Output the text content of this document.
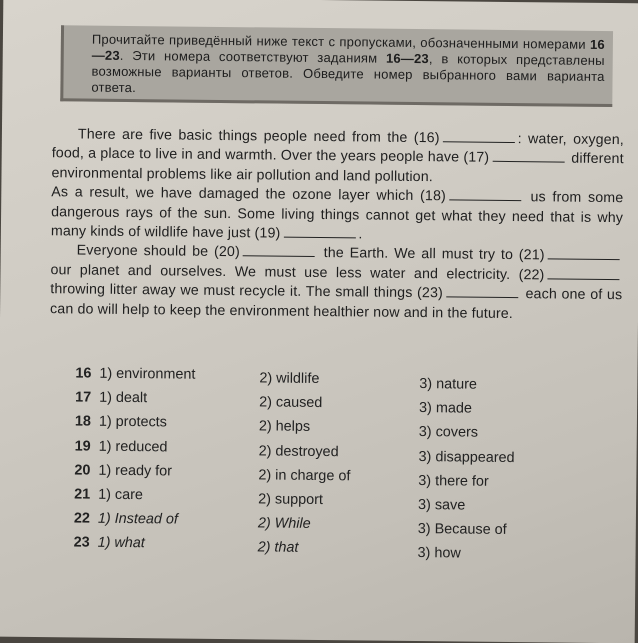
Прочитайте приведённый ниже текст с пропусками, обозначенными номерами 16—23. Эти номера соответствуют заданиям 16—23, в которых представлены возможные варианты ответов. Обведите номер выбранного вами варианта ответа.

There are five basic things people need from the (16)	: water, oxygen, food, a place to live in and warmth. Over the years people have (17)	different environmental problems like air pollution and land pollution.

As a result, we have damaged the ozone layer which (18)	us from some dangerous rays of the sun. Some living things cannot get what they need that is why many kinds of wildlife have just (19)	.

Everyone should be (20)	the Earth. We all must try to (21) our planet and ourselves. We must use less water and electricity. (22) throwing litter away we must recycle it. The small things (23)	each one of us can do will help to keep the environment healthier now and in the future.

16 1) environment	2) wildlife	3) nature
17 1) dealt	2) caused	3) made
18 1) protects	2) helps	3) covers
19 1) reduced	2) destroyed	3) disappeared
20 1) ready for	2) in charge of	3) there for
21 1) care	2) support	3) save
22 1) Instead of	2) While	3) Because of
23 1) what	2) that	3) how
